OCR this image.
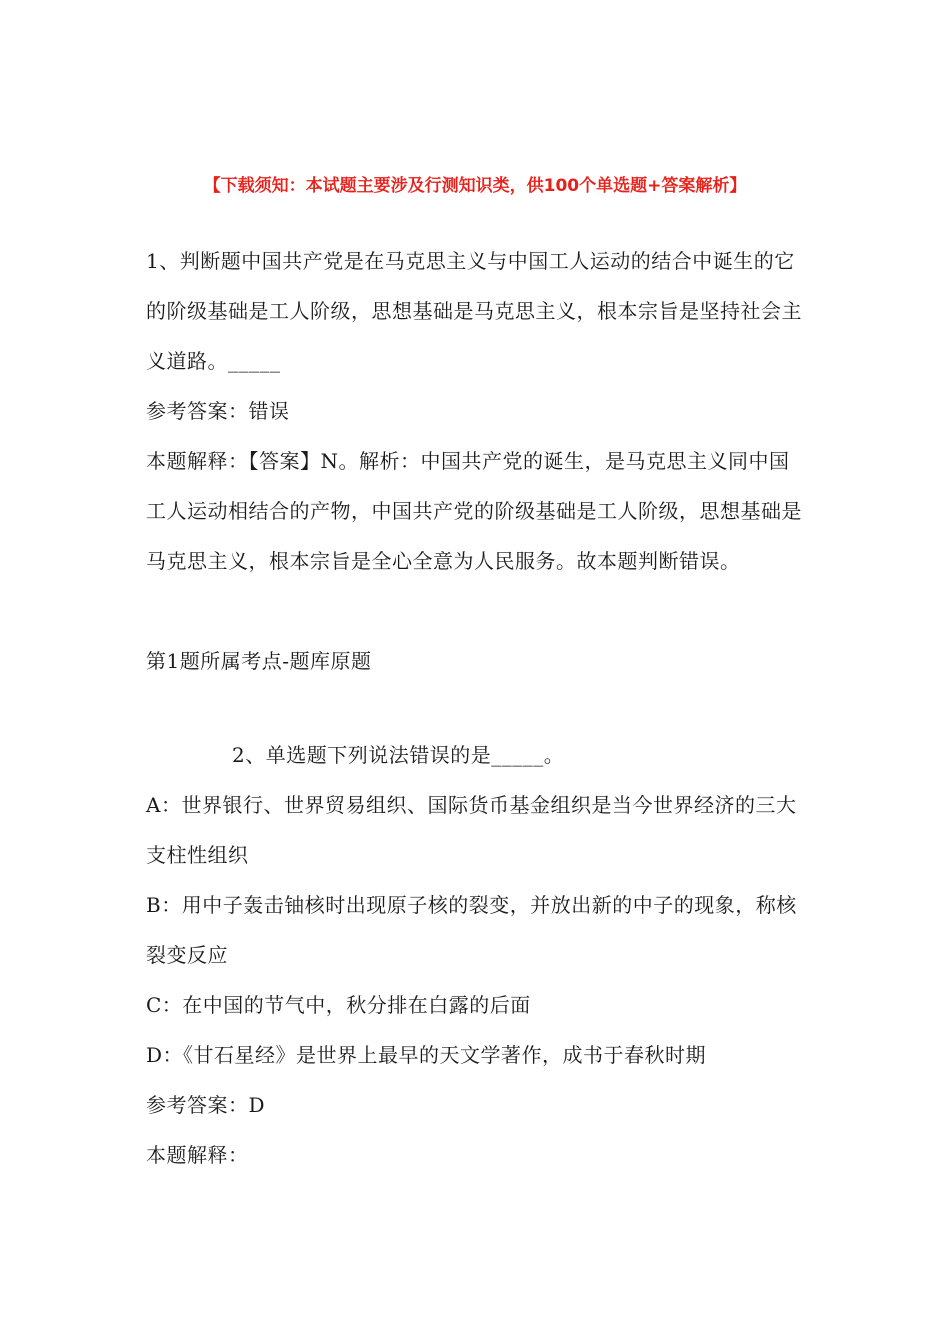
【下载须知：本试题主要涉及行测知识类，供100个单选题+答案解析】

1、判断题中国共产党是在马克思主义与中国工人运动的结合中诞生的它的阶级基础是工人阶级，思想基础是马克思主义，根本宗旨是坚持社会主义道路。_____

参考答案：错误

本题解释：【答案】N。解析：中国共产党的诞生，是马克思主义同中国工人运动相结合的产物，中国共产党的阶级基础是工人阶级，思想基础是马克思主义，根本宗旨是全心全意为人民服务。故本题判断错误。

第1题所属考点-题库原题

2、单选题下列说法错误的是_____。

A：世界银行、世界贸易组织、国际货币基金组织是当今世界经济的三大支柱性组织

B：用中子轰击铀核时出现原子核的裂变，并放出新的中子的现象，称核裂变反应

C：在中国的节气中，秋分排在白露的后面

D：《甘石星经》是世界上最早的天文学著作，成书于春秋时期

参考答案：D

本题解释：
